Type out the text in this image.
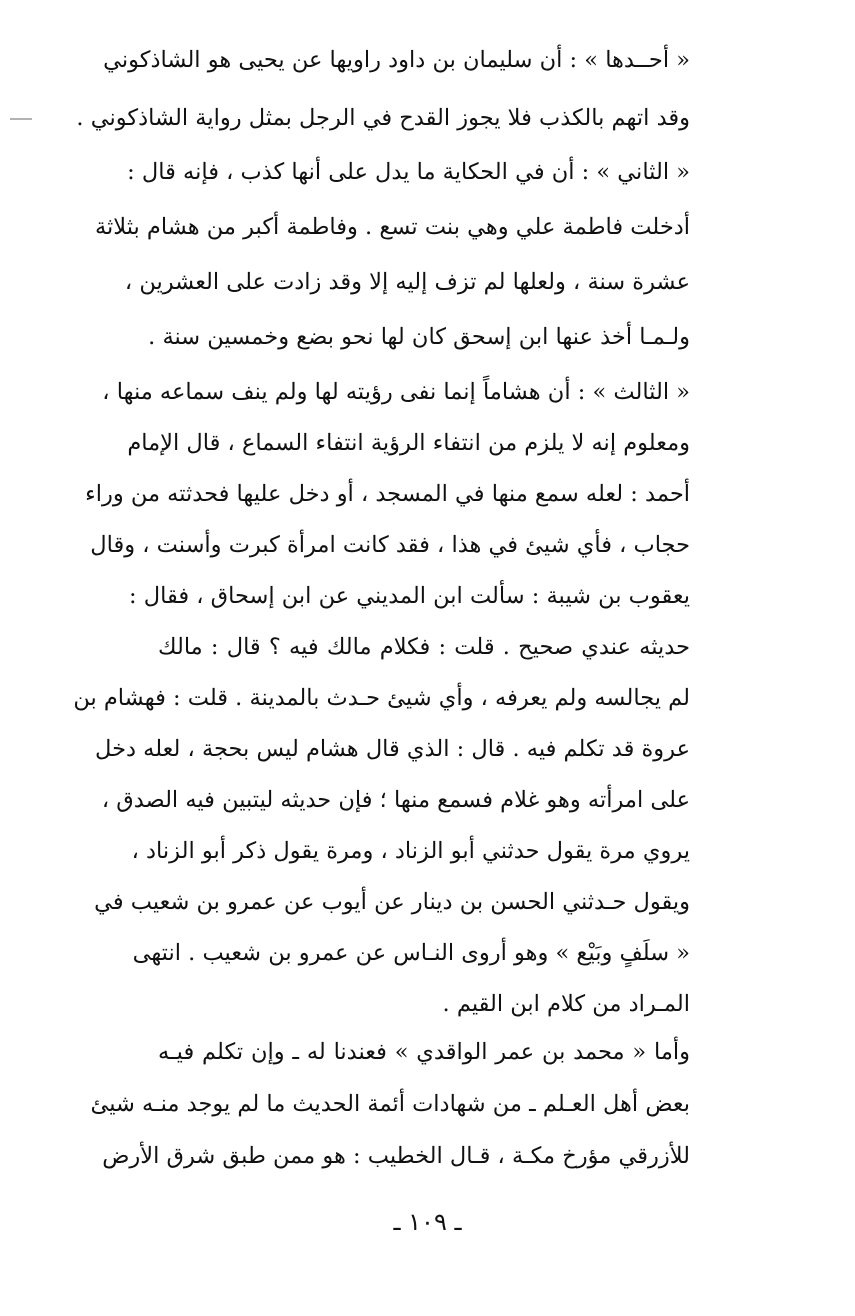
« أحــدها » : أن سليمان بن داود راويها عن يحيى هو الشاذكوني
وقد اتهم بالكذب فلا يجوز القدح في الرجل بمثل رواية الشاذكوني .
« الثاني » : أن في الحكاية ما يدل على أنها كذب ، فإنه قال :
أدخلت فاطمة علي وهي بنت تسع . وفاطمة أكبر من هشام بثلاثة
عشرة سنة ، ولعلها لم تزف إليه إلا وقد زادت على العشرين ،
ولـمـا أخذ عنها ابن إسحق كان لها نحو بضع وخمسين سنة .
« الثالث » : أن هشاماً إنما نفى رؤيته لها ولم ينف سماعه منها ،
ومعلوم إنه لا يلزم من انتفاء الرؤية انتفاء السماع ، قال الإمام
أحمد : لعله سمع منها في المسجد ، أو دخل عليها فحدثته من وراء
حجاب ، فأي شيئ في هذا ، فقد كانت امرأة كبرت وأسنت ، وقال
يعقوب بن شيبة : سألت ابن المديني عن ابن إسحاق ، فقال :
حديثه عندي صحيح . قلت : فكلام مالك فيه ؟ قال : مالك
لم يجالسه ولم يعرفه ، وأي شيئ حـدث بالمدينة . قلت : فهشام بن
عروة قد تكلم فيه . قال : الذي قال هشام ليس بحجة ، لعله دخل
على امرأته وهو غلام فسمع منها ؛ فإن حديثه ليتبين فيه الصدق ،
يروي مرة يقول حدثني أبو الزناد ، ومرة يقول ذكر أبو الزناد ،
ويقول حـدثني الحسن بن دينار عن أيوب عن عمرو بن شعيب في
« سلَفٍ وبَيْع » وهو أروى النـاس عن عمرو بن شعيب . انتهى
المـراد من كلام ابن القيم .
وأما « محمد بن عمر الواقدي » فعندنا له ـ وإن تكلم فيـه
بعض أهل العـلم ـ من شهادات أئمة الحديث ما لم يوجد منـه شيئ
للأزرقي مؤرخ مكـة ، قـال الخطيب : هو ممن طبق شرق الأرض
ـ ١٠٩ ـ
